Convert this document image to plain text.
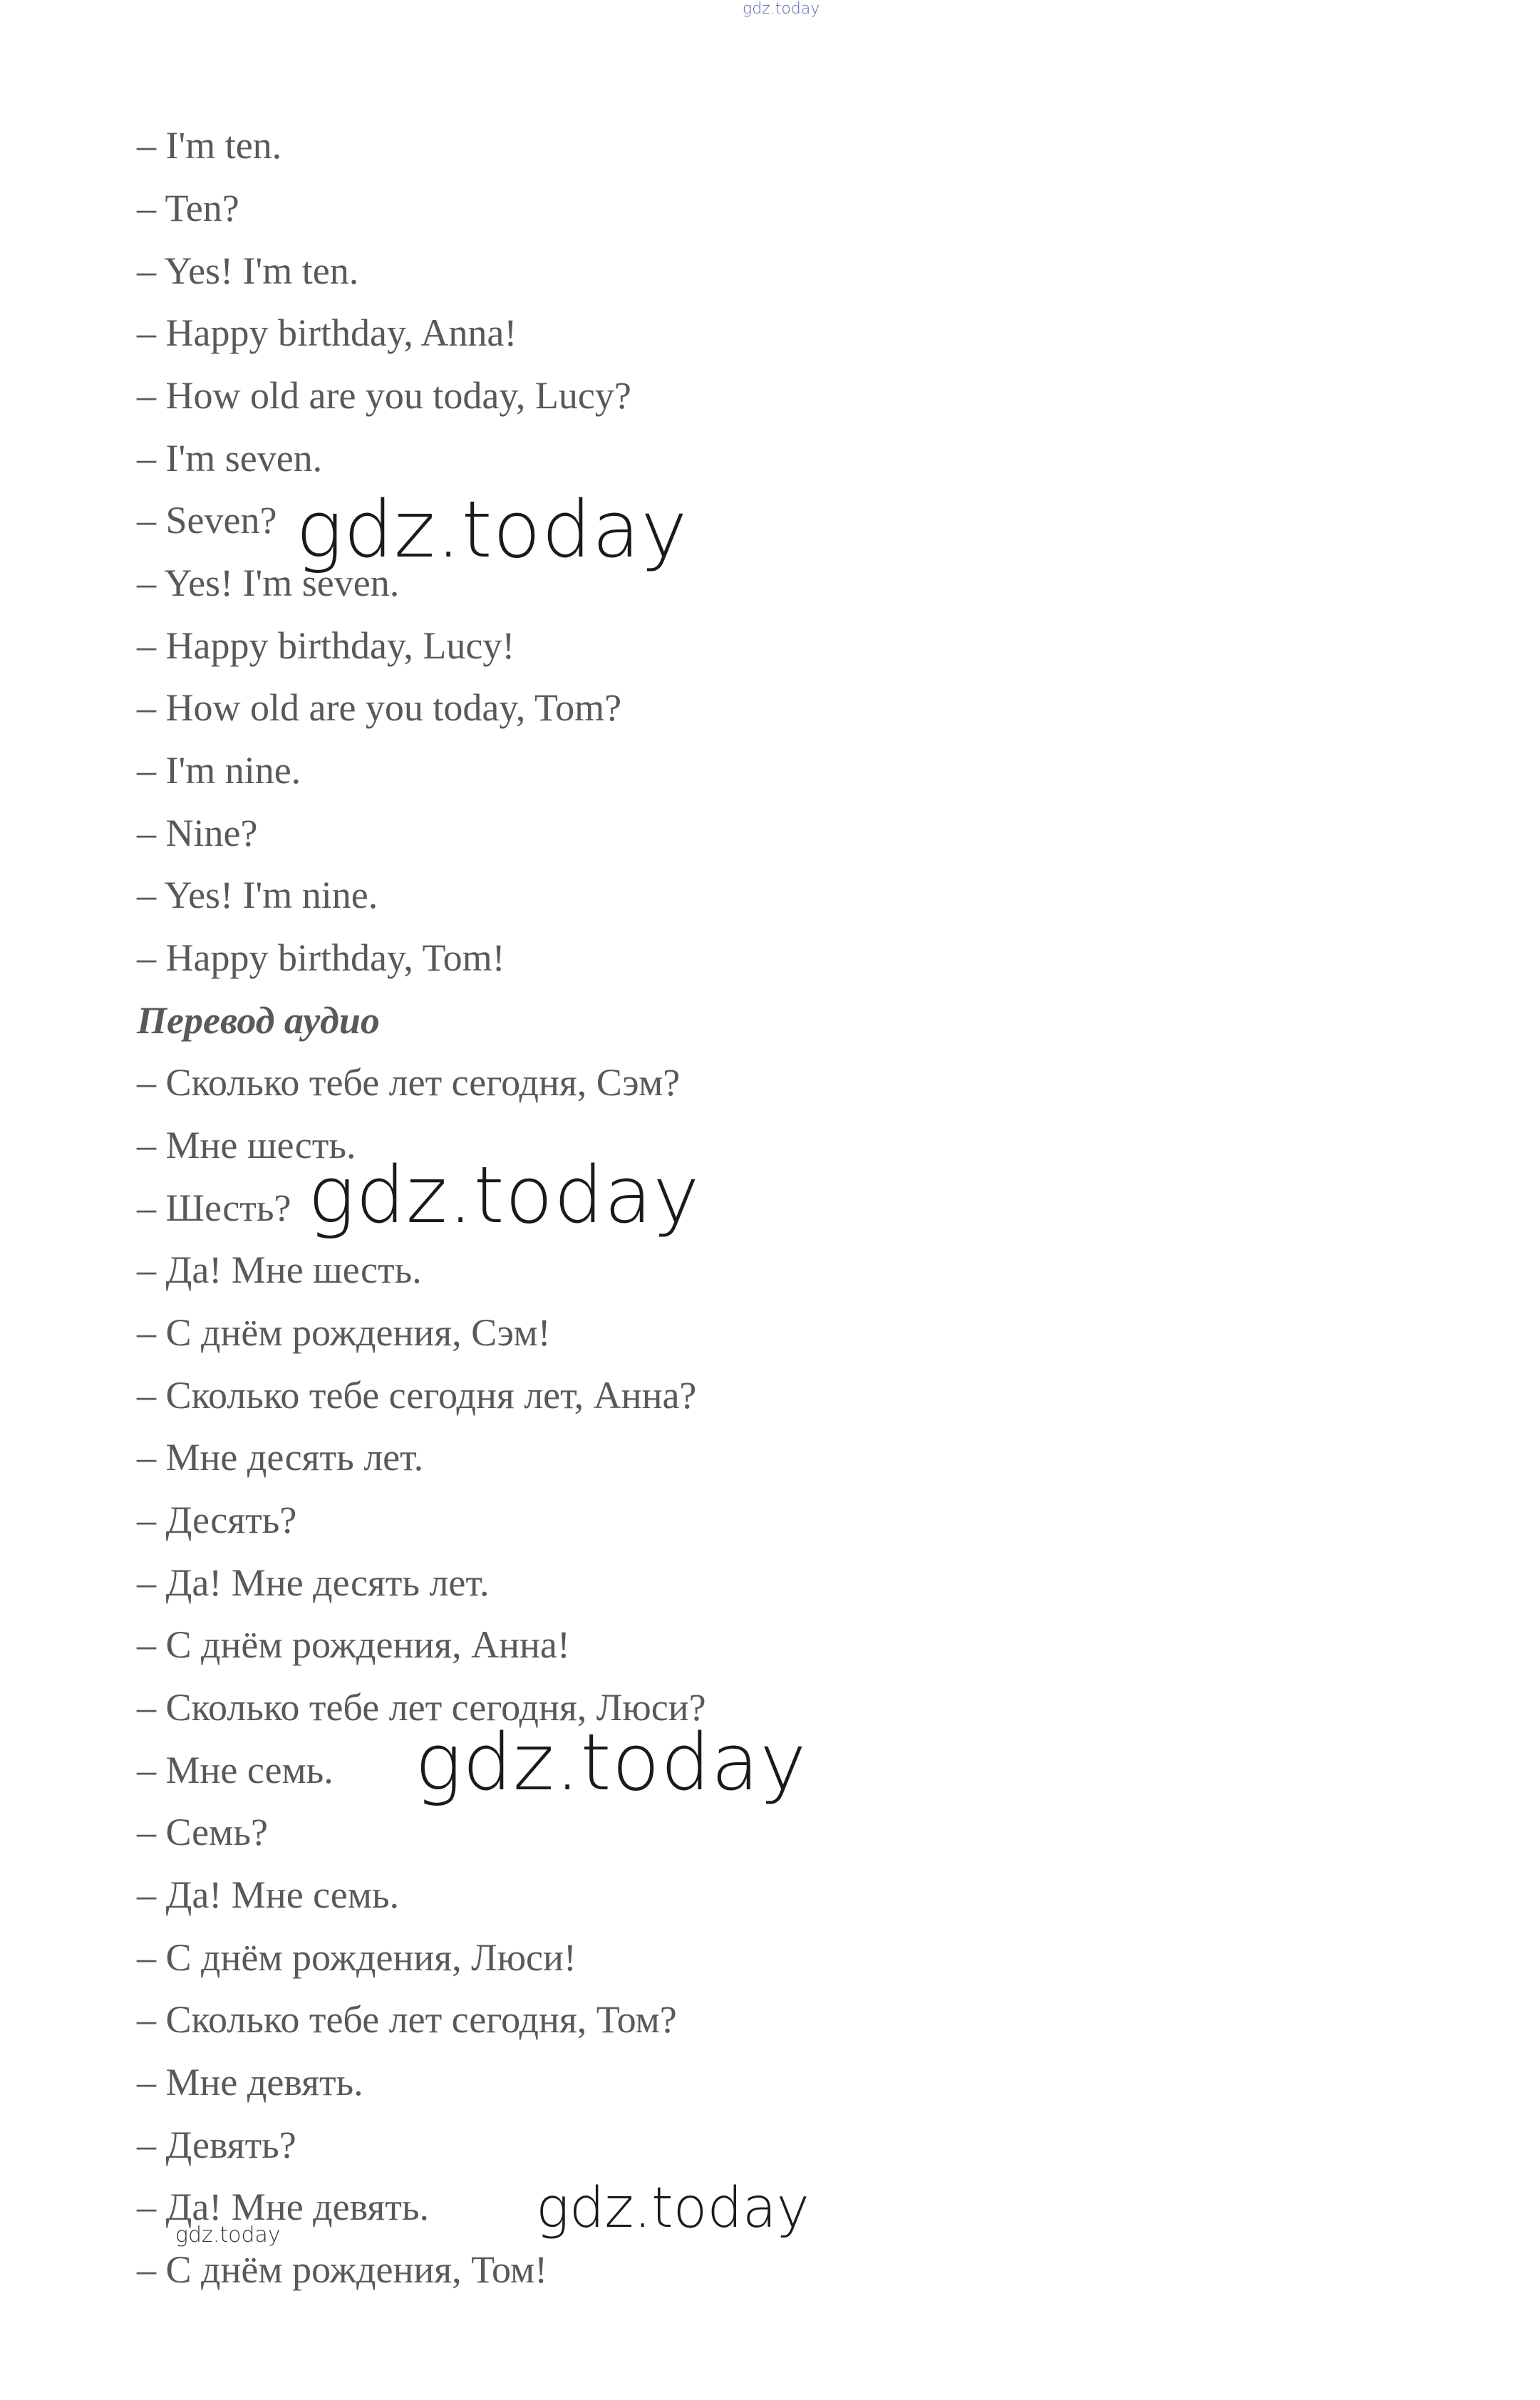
gdz.today
– I'm ten.
– Ten?
– Yes! I'm ten.
– Happy birthday, Anna!
– How old are you today, Lucy?
– I'm seven.
– Seven?
– Yes! I'm seven.
– Happy birthday, Lucy!
– How old are you today, Tom?
– I'm nine.
– Nine?
– Yes! I'm nine.
– Happy birthday, Tom!
Перевод аудио
– Сколько тебе лет сегодня, Сэм?
– Мне шесть.
– Шесть?
– Да! Мне шесть.
– С днём рождения, Сэм!
– Сколько тебе сегодня лет, Анна?
– Мне десять лет.
– Десять?
– Да! Мне десять лет.
– С днём рождения, Анна!
– Сколько тебе лет сегодня, Люси?
– Мне семь.
– Семь?
– Да! Мне семь.
– С днём рождения, Люси!
– Сколько тебе лет сегодня, Том?
– Мне девять.
– Девять?
– Да! Мне девять.
– С днём рождения, Том!
gdz.today
gdz.today
gdz.today
gdz.today
gdz.today
